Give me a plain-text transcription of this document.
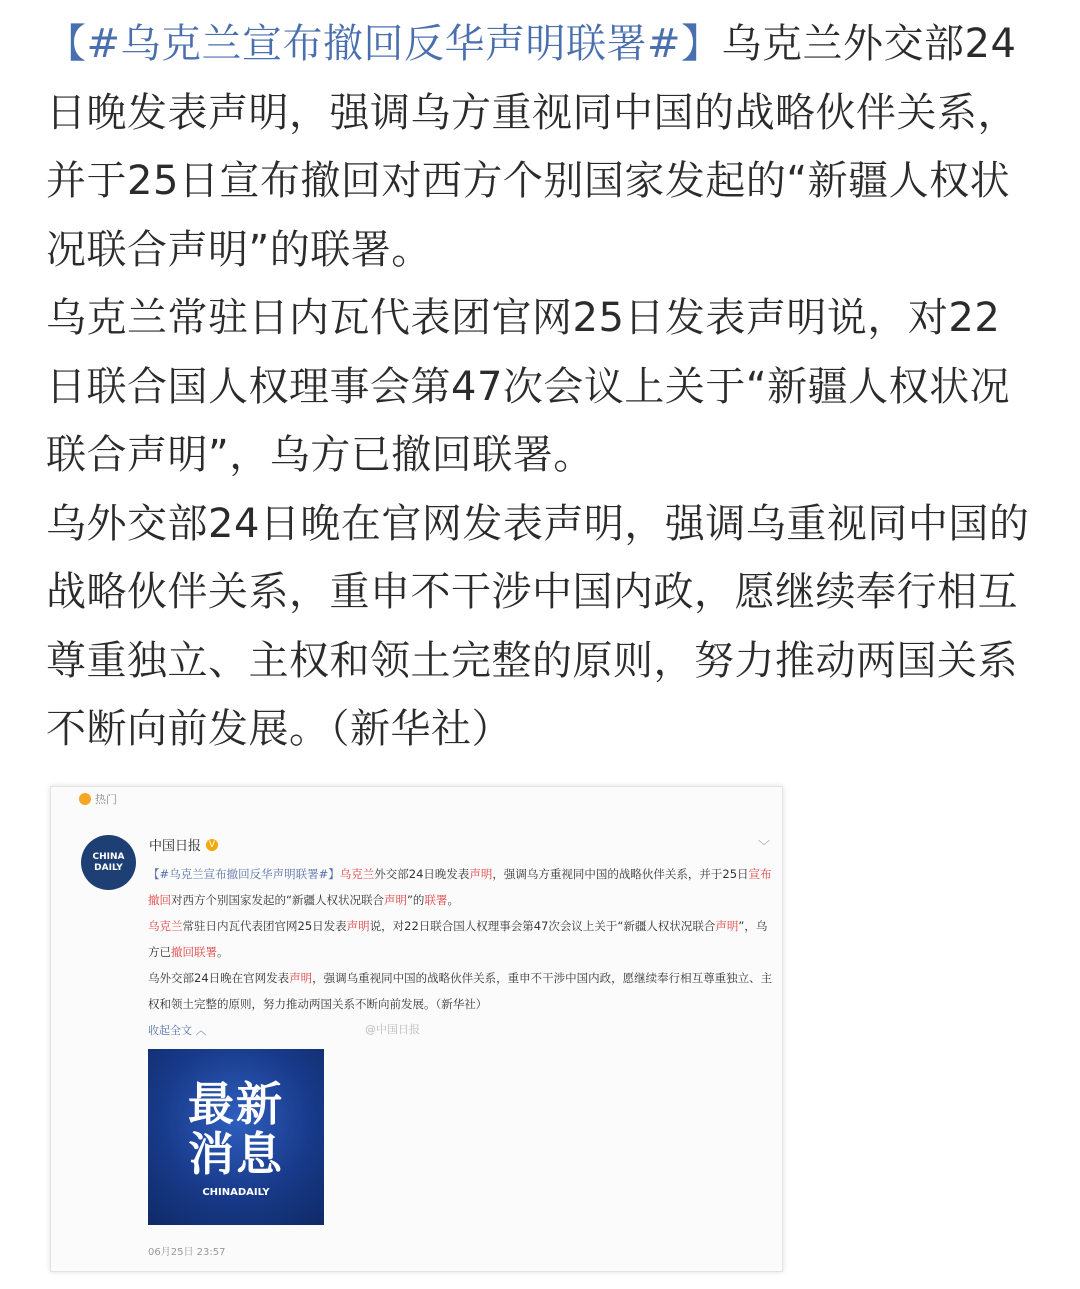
【#乌克兰宣布撤回反华声明联署#】乌克兰外交部24日晚发表声明，强调乌方重视同中国的战略伙伴关系，并于25日宣布撤回对西方个别国家发起的“新疆人权状况联合声明”的联署。

乌克兰常驻日内瓦代表团官网25日发表声明说，对22日联合国人权理事会第47次会议上关于“新疆人权状况联合声明”，乌方已撤回联署。

乌外交部24日晚在官网发表声明，强调乌重视同中国的战略伙伴关系，重申不干涉中国内政，愿继续奉行相互尊重独立、主权和领土完整的原则，努力推动两国关系不断向前发展。（新华社）

热门
CHINA
DAILY
中国日报 V	﹀

【#乌克兰宣布撤回反华声明联署#】乌克兰外交部24日晚发表声明，强调乌方重视同中国的战略伙伴关系，并于25日宣布撤回对西方个别国家发起的“新疆人权状况联合声明”的联署。

乌克兰常驻日内瓦代表团官网25日发表声明说，对22日联合国人权理事会第47次会议上关于“新疆人权状况联合声明”，乌方已撤回联署。

乌外交部24日晚在官网发表声明，强调乌重视同中国的战略伙伴关系，重申不干涉中国内政，愿继续奉行相互尊重独立、主权和领土完整的原则，努力推动两国关系不断向前发展。（新华社）

收起全文 ︿	@中国日报
最新
消息
CHINADAILY
06月25日 23:57
